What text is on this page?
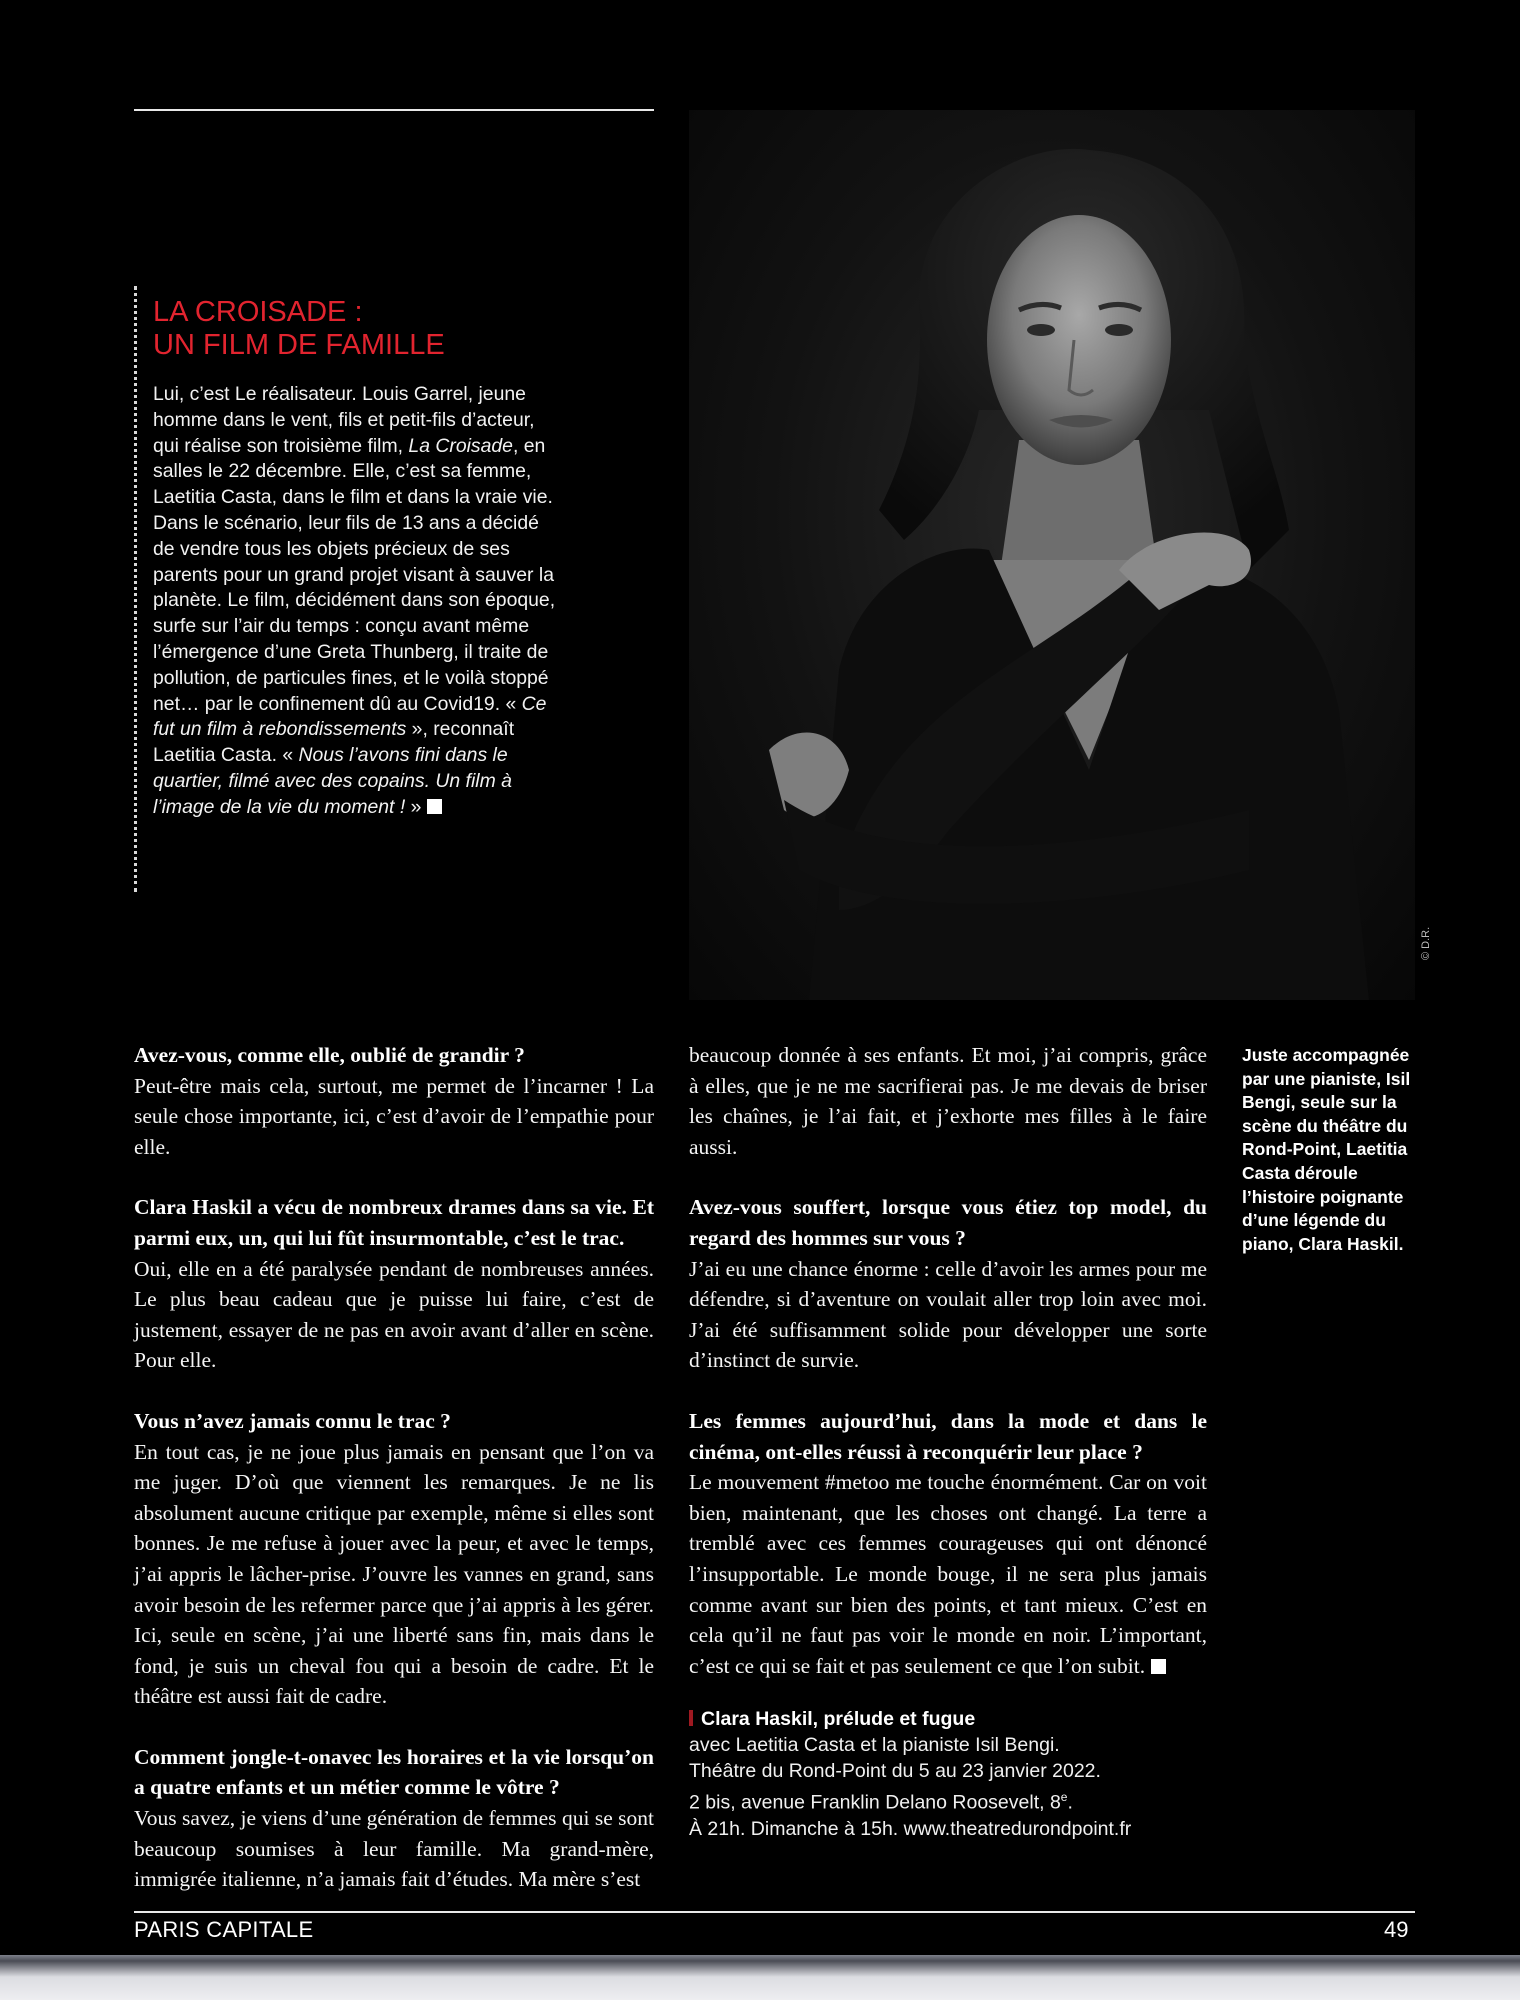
LA CROISADE :
UN FILM DE FAMILLE
Lui, c’est Le réalisateur. Louis Garrel, jeune homme dans le vent, fils et petit-fils d’acteur, qui réalise son troisième film, La Croisade, en salles le 22 décembre. Elle, c’est sa femme, Laetitia Casta, dans le film et dans la vraie vie. Dans le scénario, leur fils de 13 ans a décidé de vendre tous les objets précieux de ses parents pour un grand projet visant à sauver la planète. Le film, décidément dans son époque, surfe sur l’air du temps : conçu avant même l’émergence d’une Greta Thunberg, il traite de pollution, de particules fines, et le voilà stoppé net… par le confinement dû au Covid19. « Ce fut un film à rebondissements », reconnaît Laetitia Casta. « Nous l’avons fini dans le quartier, filmé avec des copains. Un film à l’image de la vie du moment ! »
© D.R.

Avez-vous, comme elle, oublié de grandir ?
Peut-être mais cela, surtout, me permet de l’incarner ! La seule chose importante, ici, c’est d’avoir de l’empathie pour elle.

Clara Haskil a vécu de nombreux drames dans sa vie. Et parmi eux, un, qui lui fût insurmontable, c’est le trac.
Oui, elle en a été paralysée pendant de nombreuses années. Le plus beau cadeau que je puisse lui faire, c’est de justement, essayer de ne pas en avoir avant d’aller en scène. Pour elle.

Vous n’avez jamais connu le trac ?
En tout cas, je ne joue plus jamais en pensant que l’on va me juger. D’où que viennent les remarques. Je ne lis absolument aucune critique par exemple, même si elles sont bonnes. Je me refuse à jouer avec la peur, et avec le temps, j’ai appris le lâcher-prise. J’ouvre les vannes en grand, sans avoir besoin de les refermer parce que j’ai appris à les gérer. Ici, seule en scène, j’ai une liberté sans fin, mais dans le fond, je suis un cheval fou qui a besoin de cadre. Et le théâtre est aussi fait de cadre.

Comment jongle-t-onavec les horaires et la vie lorsqu’on a quatre enfants et un métier comme le vôtre ?
Vous savez, je viens d’une génération de femmes qui se sont beaucoup soumises à leur famille. Ma grand-mère, immigrée italienne, n’a jamais fait d’études. Ma mère s’est

beaucoup donnée à ses enfants. Et moi, j’ai compris, grâce à elles, que je ne me sacrifierai pas. Je me devais de briser les chaînes, je l’ai fait, et j’exhorte mes filles à le faire aussi.

Avez-vous souffert, lorsque vous étiez top model, du regard des hommes sur vous ?
J’ai eu une chance énorme : celle d’avoir les armes pour me défendre, si d’aventure on voulait aller trop loin avec moi. J’ai été suffisamment solide pour développer une sorte d’instinct de survie.

Les femmes aujourd’hui, dans la mode et dans le cinéma, ont-elles réussi à reconquérir leur place ?
Le mouvement #metoo me touche énormément. Car on voit bien, maintenant, que les choses ont changé. La terre a tremblé avec ces femmes courageuses qui ont dénoncé l’insupportable. Le monde bouge, il ne sera plus jamais comme avant sur bien des points, et tant mieux. C’est en cela qu’il ne faut pas voir le monde en noir. L’important, c’est ce qui se fait et pas seulement ce que l’on subit.

Juste accompagnée par une pianiste, Isil Bengi, seule sur la scène du théâtre du Rond-Point, Laetitia Casta déroule l’histoire poignante d’une légende du piano, Clara Haskil.
Clara Haskil, prélude et fugue
avec Laetitia Casta et la pianiste Isil Bengi.
Théâtre du Rond-Point du 5 au 23 janvier 2022.
2 bis, avenue Franklin Delano Roosevelt, 8e.
À 21h. Dimanche à 15h. www.theatredurondpoint.fr
PARIS CAPITALE	49
